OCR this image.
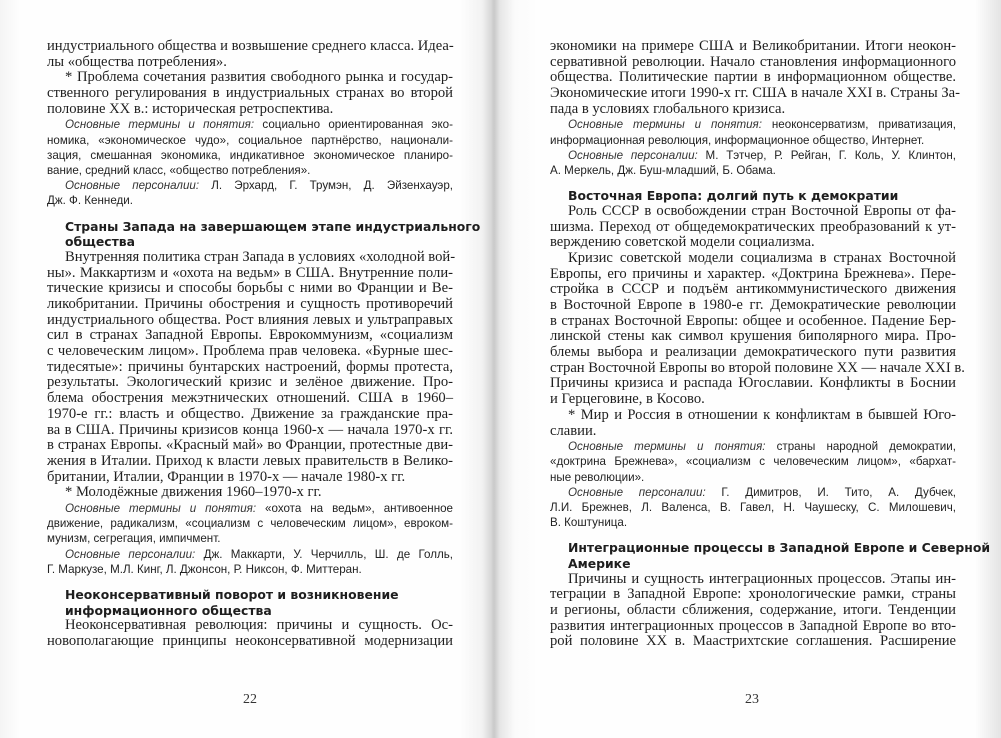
индустриального общества и возвышение среднего класса. Идеа-
лы «общества потребления».
* Проблема сочетания развития свободного рынка и государ-
ственного регулирования в индустриальных странах во второй
половине XX в.: историческая ретроспектива.
Основные термины и понятия: социально ориентированная эко-
номика, «экономическое чудо», социальное партнёрство, национали-
зация, смешанная экономика, индикативное экономическое планиро-
вание, средний класс, «общество потребления».
Основные персоналии: Л. Эрхард, Г. Трумэн, Д. Эйзенхауэр,
Дж. Ф. Кеннеди.
Страны Запада на завершающем этапе индустриального
общества
Внутренняя политика стран Запада в условиях «холодной вой-
ны». Маккартизм и «охота на ведьм» в США. Внутренние поли-
тические кризисы и способы борьбы с ними во Франции и Ве-
ликобритании. Причины обострения и сущность противоречий
индустриального общества. Рост влияния левых и ультраправых
сил в странах Западной Европы. Еврокоммунизм, «социализм
с человеческим лицом». Проблема прав человека. «Бурные шес-
тидесятые»: причины бунтарских настроений, формы протеста,
результаты. Экологический кризис и зелёное движение. Про-
блема обострения межэтнических отношений. США в 1960–
1970-е гг.: власть и общество. Движение за гражданские пра-
ва в США. Причины кризисов конца 1960-х — начала 1970-х гг.
в странах Европы. «Красный май» во Франции, протестные дви-
жения в Италии. Приход к власти левых правительств в Велико-
британии, Италии, Франции в 1970-х — начале 1980-х гг.
* Молодёжные движения 1960–1970-х гг.
Основные термины и понятия: «охота на ведьм», антивоенное
движение, радикализм, «социализм с человеческим лицом», еврoком-
мунизм, сегрегация, импичмент.
Основные персоналии: Дж. Маккарти, У. Черчилль, Ш. де Голль,
Г. Маркузе, М.Л. Кинг, Л. Джонсон, Р. Никсон, Ф. Миттеран.
Неоконсервативный поворот и возникновение
информационного общества
Неоконсервативная революция: причины и сущность. Ос-
новополагающие принципы неоконсервативной модернизации
22
экономики на примере США и Великобритании. Итоги неокон-
сервативной революции. Начало становления информационного
общества. Политические партии в информационном обществе.
Экономические итоги 1990-х гг. США в начале XXI в. Страны За-
пада в условиях глобального кризиса.
Основные термины и понятия: неоконсерватизм, приватизация,
информационная революция, информационное общество, Интернет.
Основные персоналии: М. Тэтчер, Р. Рейган, Г. Коль, У. Клинтон,
А. Меркель, Дж. Буш-младший, Б. Обама.
Восточная Европа: долгий путь к демократии
Роль СССР в освобождении стран Восточной Европы от фа-
шизма. Переход от общедемократических преобразований к ут-
верждению советской модели социализма.
Кризис советской модели социализма в странах Восточной
Европы, его причины и характер. «Доктрина Брежнева». Пере-
стройка в СССР и подъём антикоммунистического движения
в Восточной Европе в 1980-е гг. Демократические революции
в странах Восточной Европы: общее и особенное. Падение Бер-
линской стены как символ крушения биполярного мира. Про-
блемы выбора и реализации демократического пути развития
стран Восточной Европы во второй половине XX — начале XXI в.
Причины кризиса и распада Югославии. Конфликты в Боснии
и Герцеговине, в Косово.
* Мир и Россия в отношении к конфликтам в бывшей Юго-
славии.
Основные термины и понятия: страны народной демократии,
«доктрина Брежнева», «социализм с человеческим лицом», «бархат-
ные революции».
Основные персоналии: Г. Димитров, И. Тито, А. Дубчек,
Л.И. Брежнев, Л. Валенса, В. Гавел, Н. Чаушеску, С. Милошевич,
В. Коштуница.
Интеграционные процессы в Западной Европе и Северной
Америке
Причины и сущность интеграционных процессов. Этапы ин-
теграции в Западной Европе: хронологические рамки, страны
и регионы, области сближения, содержание, итоги. Тенденции
развития интеграционных процессов в Западной Европе во вто-
рой половине XX в. Маастрихтские соглашения. Расширение
23
